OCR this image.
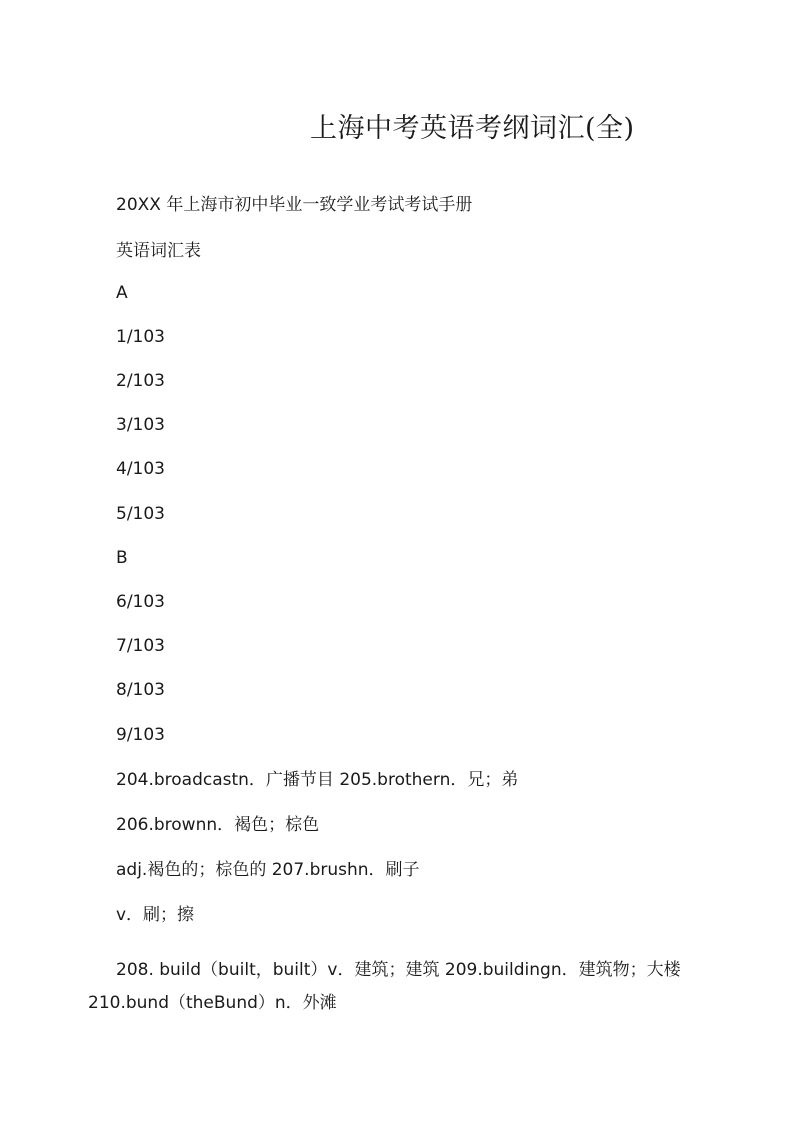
上海中考英语考纲词汇(全)
20XX 年上海市初中毕业一致学业考试考试手册
英语词汇表
A
1/103
2/103
3/103
4/103
5/103
B
6/103
7/103
8/103
9/103
204.broadcastn．广播节目 205.brothern．兄；弟
206.brownn．褐色；棕色
adj.褐色的；棕色的 207.brushn．刷子
v．刷；擦
208. build（built，built）v．建筑；建筑 209.buildingn．建筑物；大楼
210.bund（theBund）n．外滩
